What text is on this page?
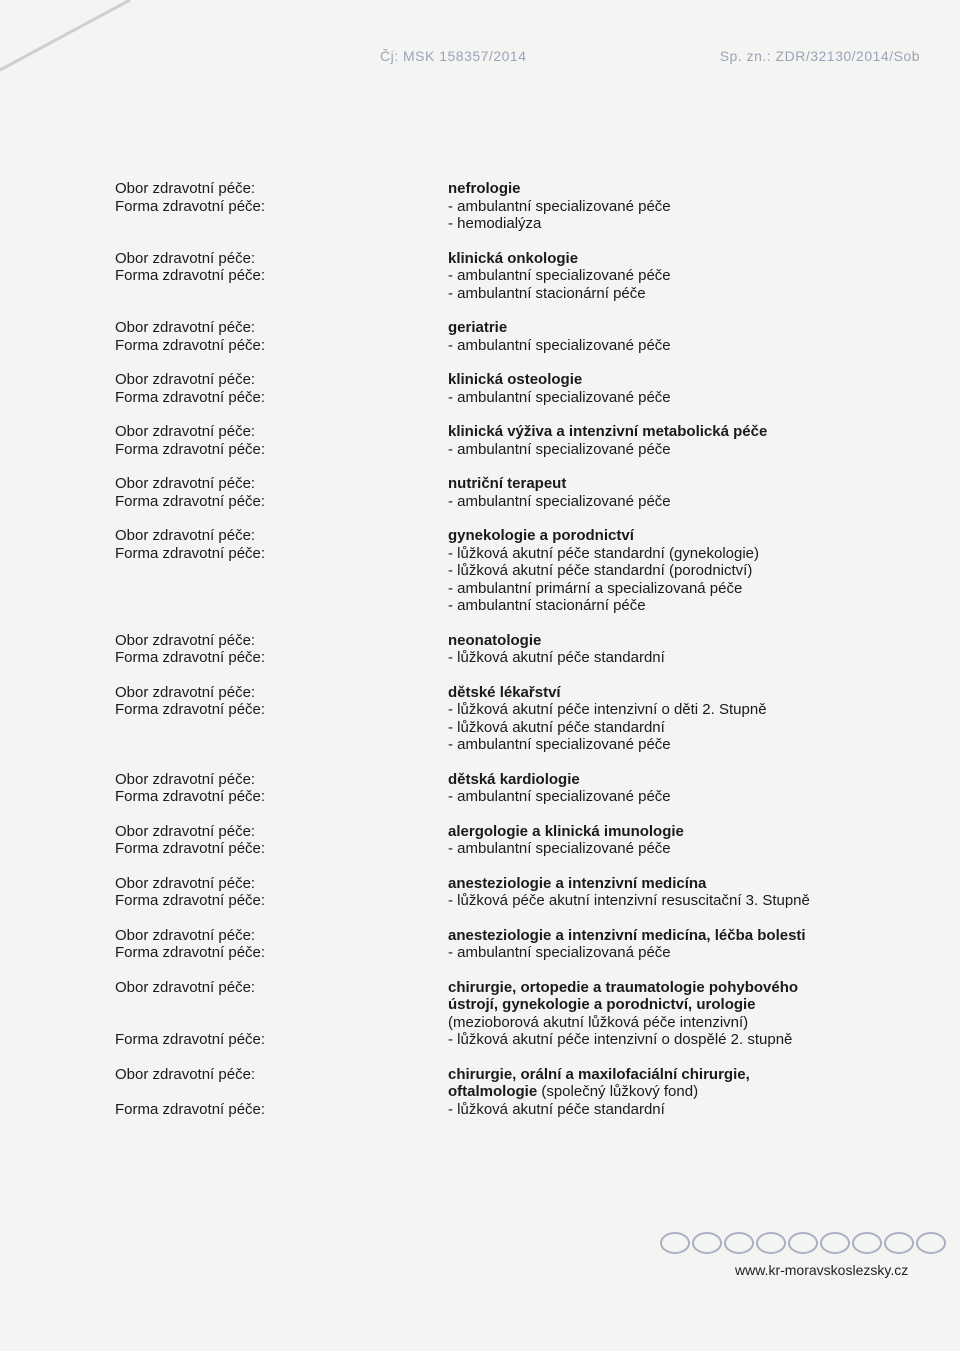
Čj: MSK 158357/2014	Sp. zn.: ZDR/32130/2014/Sob
Obor zdravotní péče:	nefrologie
Forma zdravotní péče:	- ambulantní specializované péče
- hemodialýza
Obor zdravotní péče:	klinická onkologie
Forma zdravotní péče:	- ambulantní specializované péče
- ambulantní stacionární péče
Obor zdravotní péče:	geriatrie
Forma zdravotní péče:	- ambulantní specializované péče
Obor zdravotní péče:	klinická osteologie
Forma zdravotní péče:	- ambulantní specializované péče
Obor zdravotní péče:	klinická výživa a intenzivní metabolická péče
Forma zdravotní péče:	- ambulantní specializované péče
Obor zdravotní péče:	nutriční terapeut
Forma zdravotní péče:	- ambulantní specializované péče
Obor zdravotní péče:	gynekologie a porodnictví
Forma zdravotní péče:	- lůžková akutní péče standardní (gynekologie)
- lůžková akutní péče standardní (porodnictví)
- ambulantní primární a specializovaná péče
- ambulantní stacionární péče
Obor zdravotní péče:	neonatologie
Forma zdravotní péče:	- lůžková akutní péče standardní
Obor zdravotní péče:	dětské lékařství
Forma zdravotní péče:	- lůžková akutní péče intenzivní o děti 2. Stupně
- lůžková akutní péče standardní
- ambulantní specializované péče
Obor zdravotní péče:	dětská kardiologie
Forma zdravotní péče:	- ambulantní specializované péče
Obor zdravotní péče:	alergologie a klinická imunologie
Forma zdravotní péče:	- ambulantní specializované péče
Obor zdravotní péče:	anesteziologie a intenzivní medicína
Forma zdravotní péče:	- lůžková péče akutní intenzivní resuscitační 3. Stupně
Obor zdravotní péče:	anesteziologie a intenzivní medicína, léčba bolesti
Forma zdravotní péče:	- ambulantní specializovaná péče
Obor zdravotní péče:	chirurgie, ortopedie a traumatologie pohybového
ústrojí, gynekologie a porodnictví, urologie
(mezioborová akutní lůžková péče intenzivní)
Forma zdravotní péče:	- lůžková akutní péče intenzivní o dospělé 2. stupně
Obor zdravotní péče:	chirurgie, orální a maxilofaciální chirurgie,
oftalmologie (společný lůžkový fond)
Forma zdravotní péče:	- lůžková akutní péče standardní
www.kr-moravskoslezsky.cz
